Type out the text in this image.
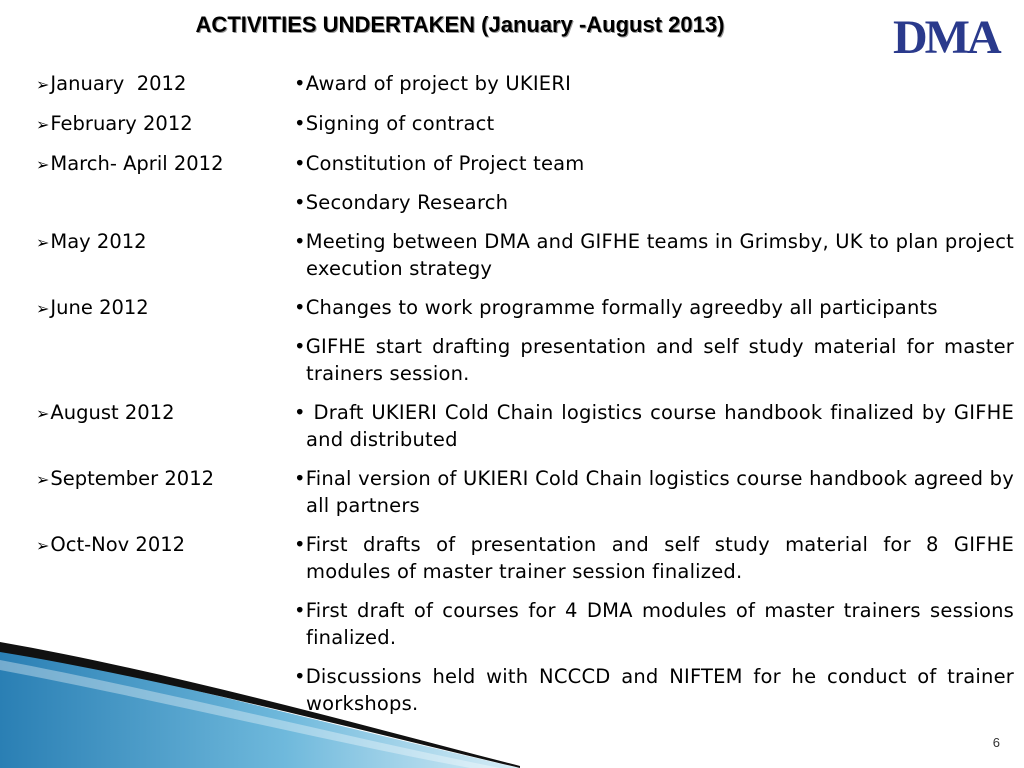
ACTIVITIES UNDERTAKEN (January -August 2013)	DMA
➢January  2012	•Award of project by UKIERI
➢February 2012	•Signing of contract
➢March- April 2012	•Constitution of Project team
•Secondary Research
➢May 2012	•Meeting between DMA and GIFHE teams in Grimsby, UK to plan project execution strategy
➢June 2012	•Changes to work programme formally agreedby all participants
•GIFHE start drafting presentation and self study material for master trainers session.
➢August 2012	• Draft UKIERI Cold Chain logistics course handbook finalized by GIFHE and distributed
➢September 2012	•Final version of UKIERI Cold Chain logistics course handbook agreed by all partners
➢Oct-Nov 2012	•First drafts of presentation and self study material for 8 GIFHE modules of master trainer session finalized.
•First draft of courses for 4 DMA modules of master trainers sessions finalized.
•Discussions held with NCCCD and NIFTEM for he conduct of trainer workshops.
6
